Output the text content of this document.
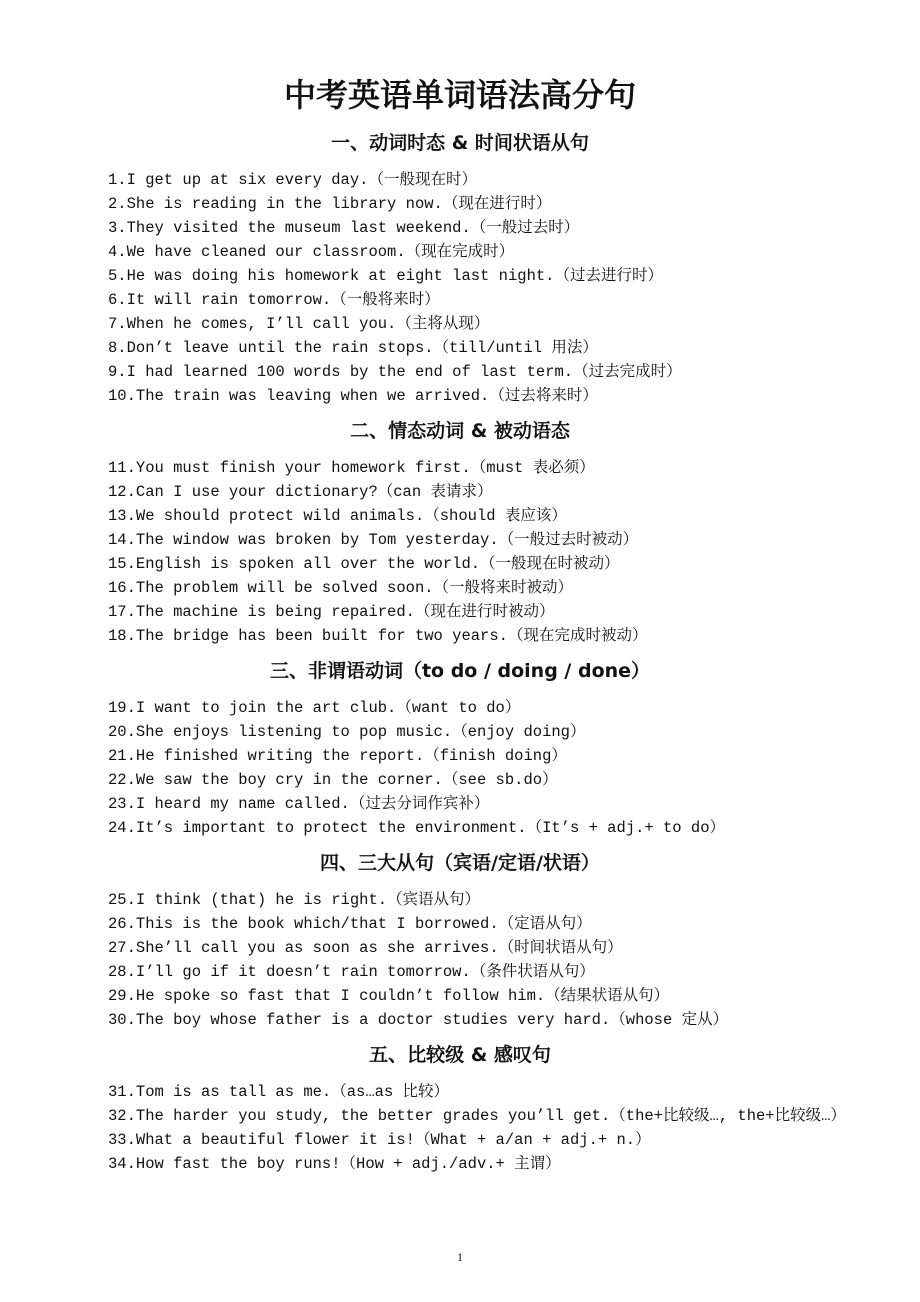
中考英语单词语法高分句
一、动词时态 & 时间状语从句

1.I get up at six every day.（一般现在时）

2.She is reading in the library now.（现在进行时）

3.They visited the museum last weekend.（一般过去时）

4.We have cleaned our classroom.（现在完成时）

5.He was doing his homework at eight last night.（过去进行时）

6.It will rain tomorrow.（一般将来时）

7.When he comes, I’ll call you.（主将从现）

8.Don’t leave until the rain stops.（till/until 用法）

9.I had learned 100 words by the end of last term.（过去完成时）

10.The train was leaving when we arrived.（过去将来时）

二、情态动词 & 被动语态

11.You must finish your homework first.（must 表必须）

12.Can I use your dictionary?（can 表请求）

13.We should protect wild animals.（should 表应该）

14.The window was broken by Tom yesterday.（一般过去时被动）

15.English is spoken all over the world.（一般现在时被动）

16.The problem will be solved soon.（一般将来时被动）

17.The machine is being repaired.（现在进行时被动）

18.The bridge has been built for two years.（现在完成时被动）

三、非谓语动词（to do / doing / done）

19.I want to join the art club.（want to do）

20.She enjoys listening to pop music.（enjoy doing）

21.He finished writing the report.（finish doing）

22.We saw the boy cry in the corner.（see sb.do）

23.I heard my name called.（过去分词作宾补）

24.It’s important to protect the environment.（It’s + adj.+ to do）

四、三大从句（宾语/定语/状语）

25.I think (that) he is right.（宾语从句）

26.This is the book which/that I borrowed.（定语从句）

27.She’ll call you as soon as she arrives.（时间状语从句）

28.I’ll go if it doesn’t rain tomorrow.（条件状语从句）

29.He spoke so fast that I couldn’t follow him.（结果状语从句）

30.The boy whose father is a doctor studies very hard.（whose 定从）

五、比较级 & 感叹句

31.Tom is as tall as me.（as…as 比较）

32.The harder you study, the better grades you’ll get.（the+比较级…, the+比较级…）

33.What a beautiful flower it is!（What + a/an + adj.+ n.）

34.How fast the boy runs!（How + adj./adv.+ 主谓）

1
